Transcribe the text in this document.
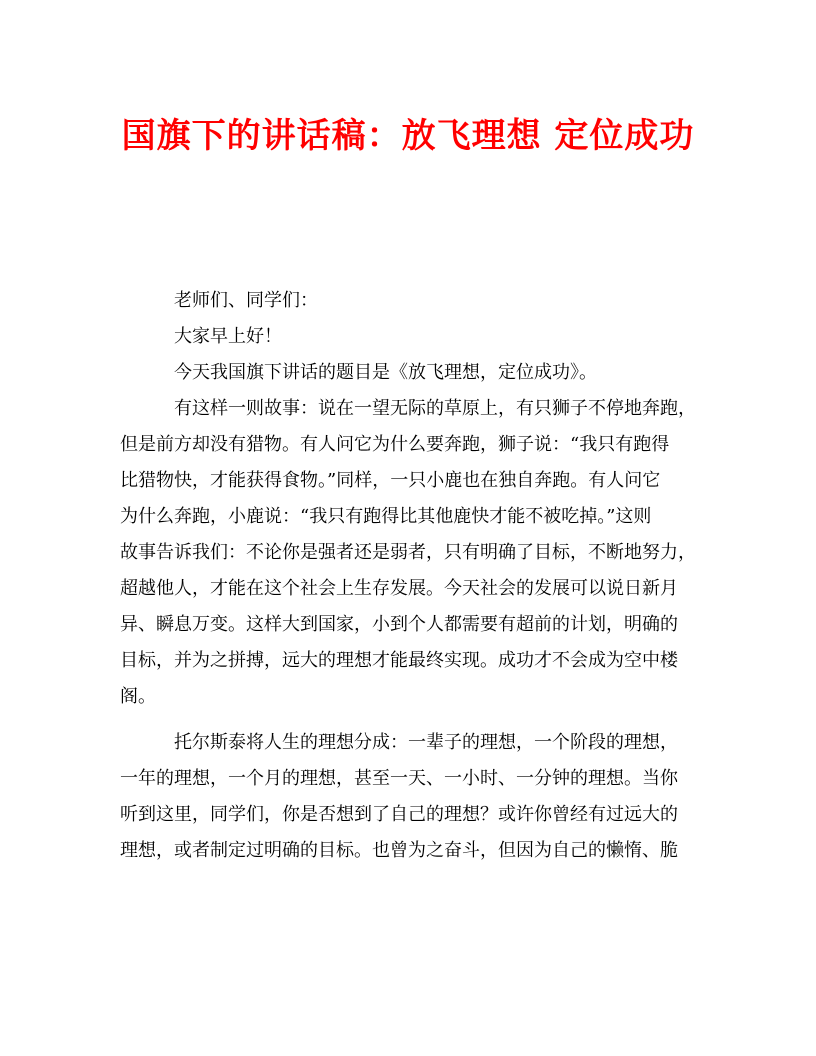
国旗下的讲话稿：放飞理想 定位成功
老师们、同学们：
大家早上好！
今天我国旗下讲话的题目是《放飞理想，定位成功》。
有这样一则故事：说在一望无际的草原上，有只狮子不停地奔跑，
但是前方却没有猎物。有人问它为什么要奔跑，狮子说：“我只有跑得
比猎物快，才能获得食物。”同样，一只小鹿也在独自奔跑。有人问它
为什么奔跑，小鹿说：“我只有跑得比其他鹿快才能不被吃掉。”这则
故事告诉我们：不论你是强者还是弱者，只有明确了目标，不断地努力，
超越他人，才能在这个社会上生存发展。今天社会的发展可以说日新月
异、瞬息万变。这样大到国家，小到个人都需要有超前的计划，明确的
目标，并为之拼搏，远大的理想才能最终实现。成功才不会成为空中楼
阁。
托尔斯泰将人生的理想分成：一辈子的理想，一个阶段的理想，
一年的理想，一个月的理想，甚至一天、一小时、一分钟的理想。当你
听到这里，同学们，你是否想到了自己的理想？或许你曾经有过远大的
理想，或者制定过明确的目标。也曾为之奋斗，但因为自己的懒惰、脆
